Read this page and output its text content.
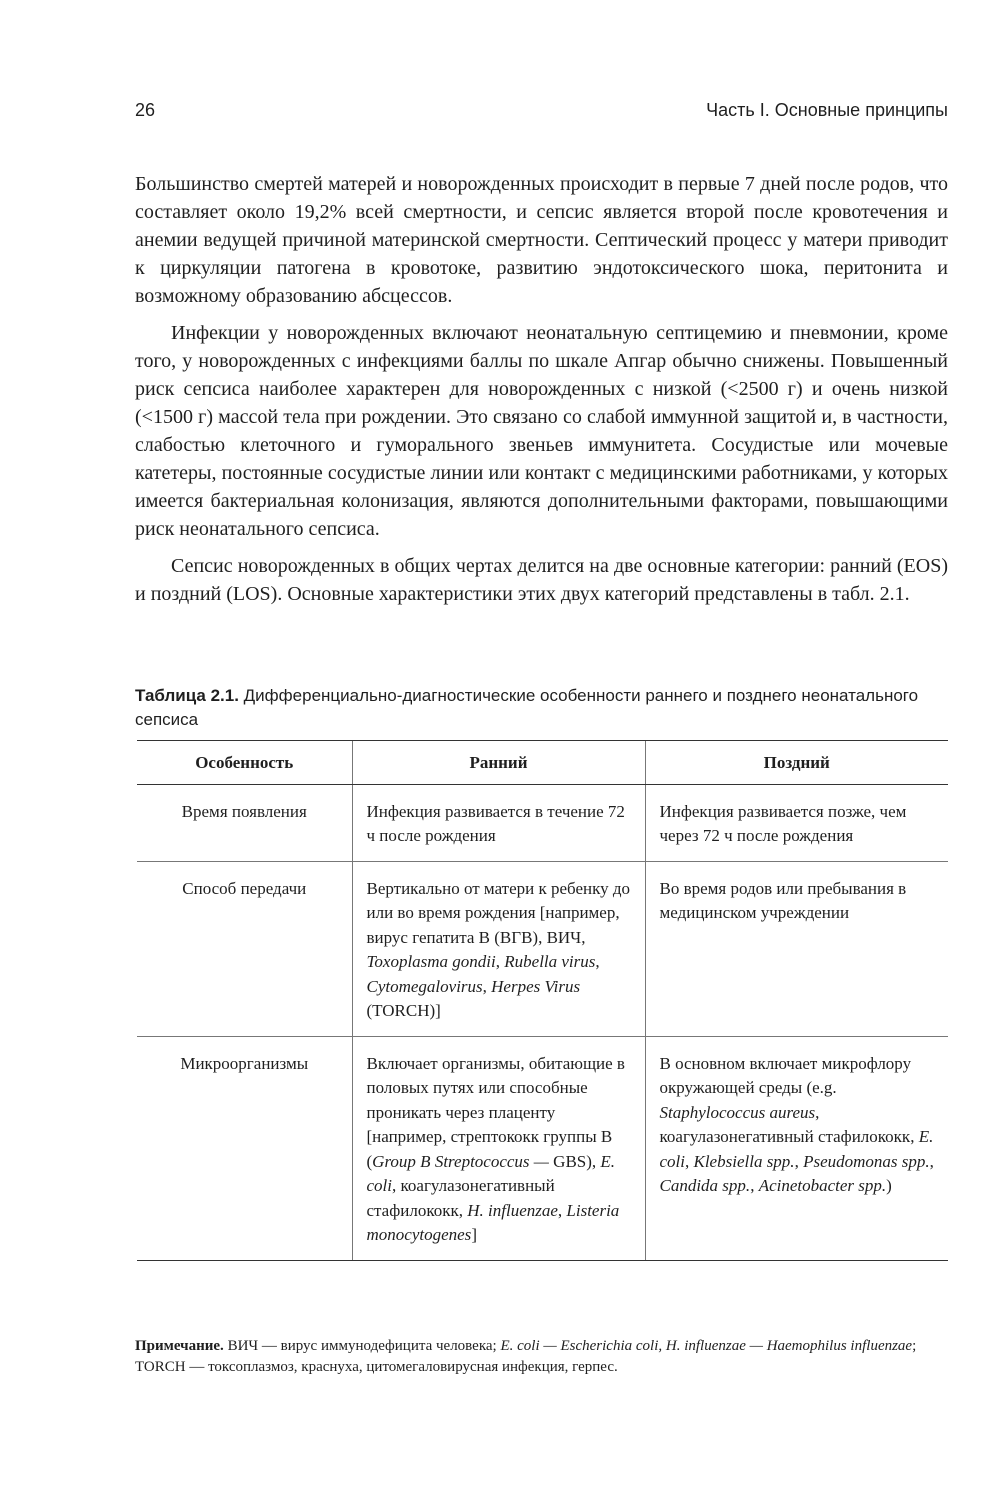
26	Часть I. Основные принципы

Большинство смертей матерей и новорожденных происходит в первые 7 дней после родов, что составляет около 19,2% всей смертности, и сепсис является второй после кровотечения и анемии ведущей причиной материнской смертности. Септический процесс у матери приводит к циркуляции патогена в кровотоке, развитию эндотоксического шока, перитонита и возможному образованию абсцессов.

Инфекции у новорожденных включают неонатальную септицемию и пневмонии, кроме того, у новорожденных с инфекциями баллы по шкале Апгар обычно снижены. Повышенный риск сепсиса наиболее характерен для новорожденных с низкой (<2500 г) и очень низкой (<1500 г) массой тела при рождении. Это связано со слабой иммунной защитой и, в частности, слабостью клеточного и гуморального звеньев иммунитета. Сосудистые или мочевые катетеры, постоянные сосудистые линии или контакт с медицинскими работниками, у которых имеется бактериальная колонизация, являются дополнительными факторами, повышающими риск неонатального сепсиса.

Сепсис новорожденных в общих чертах делится на две основные категории: ранний (EOS) и поздний (LOS). Основные характеристики этих двух категорий представлены в табл. 2.1.

Таблица 2.1. Дифференциально-диагностические особенности раннего и позднего неонатального сепсиса
Особенность	Ранний	Поздний
Время появления	Инфекция развивается в течение 72 ч после рождения	Инфекция развивается позже, чем через 72 ч после рождения
Способ передачи	Вертикально от матери к ребенку до или во время рождения [например, вирус гепатита В (ВГВ), ВИЧ, Toxoplasma gondii, Rubella virus, Cytomegalovirus, Herpes Virus (TORCH)]	Во время родов или пребывания в медицинском учреждении
Микроорганизмы	Включает организмы, обитающие в половых путях или способные проникать через плаценту [например, стрептококк группы В (Group B Streptococcus — GBS), E. coli, коагулазонегативный стафилококк, H. influenzae, Listeria monocytogenes]	В основном включает микрофлору окружающей среды (e.g. Staphylococcus aureus, коагулазонегативный стафилококк, E. coli, Klebsiella spp., Pseudomonas spp., Candida spp., Acinetobacter spp.)
Примечание. ВИЧ — вирус иммунодефицита человека; E. coli — Escherichia coli, H. influenzae — Haemophilus influenzae; TORCH — токсоплазмоз, краснуха, цитомегаловирусная инфекция, герпес.
